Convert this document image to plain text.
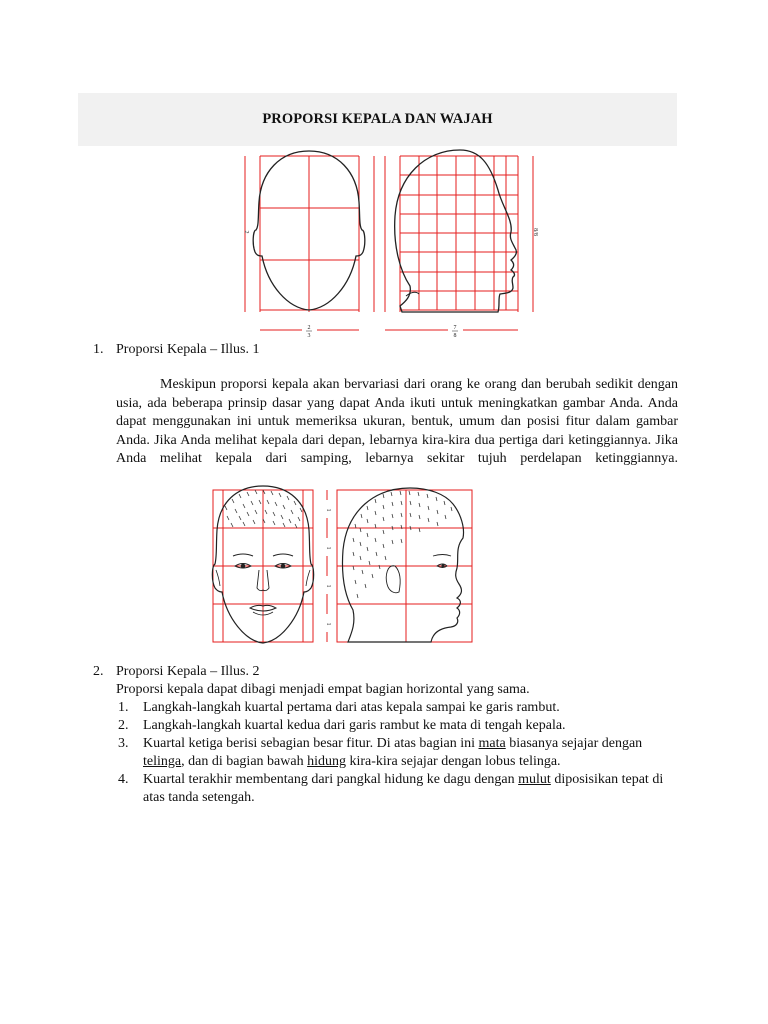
PROPORSI KEPALA DAN WAJAH
2	8/8
2
3
7
8
1. Proporsi Kepala – Illus. 1
Meskipun proporsi kepala akan bervariasi dari orang ke orang dan berubah sedikit dengan usia, ada beberapa prinsip dasar yang dapat Anda ikuti untuk meningkatkan gambar Anda. Anda dapat menggunakan ini untuk memeriksa ukuran, bentuk, umum dan posisi fitur dalam gambar Anda. Jika Anda melihat kepala dari depan, lebarnya kira-kira dua pertiga dari ketinggiannya. Jika Anda melihat kepala dari samping, lebarnya sekitar tujuh perdelapan ketinggiannya.
1
1
1
1
2. Proporsi Kepala – Illus. 2
Proporsi kepala dapat dibagi menjadi empat bagian horizontal yang sama.
1. Langkah-langkah kuartal pertama dari atas kepala sampai ke garis rambut.
2. Langkah-langkah kuartal kedua dari garis rambut ke mata di tengah kepala.
3. Kuartal ketiga berisi sebagian besar fitur. Di atas bagian ini mata biasanya sejajar dengan telinga, dan di bagian bawah hidung kira-kira sejajar dengan lobus telinga.
4. Kuartal terakhir membentang dari pangkal hidung ke dagu dengan mulut diposisikan tepat di atas tanda setengah.
